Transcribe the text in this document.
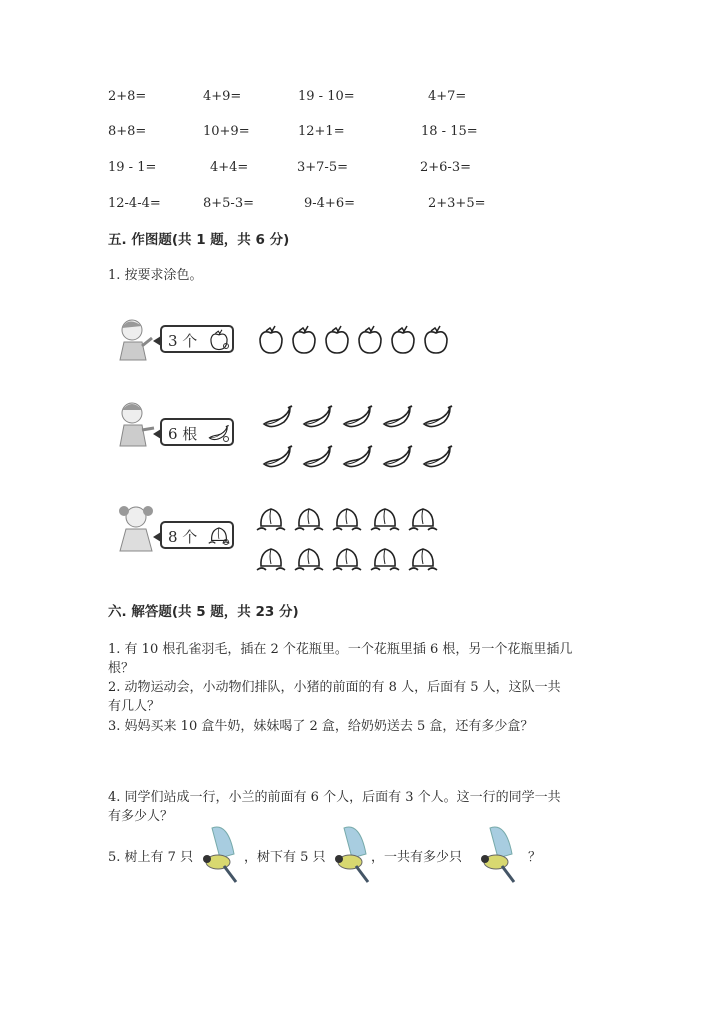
2+8=	4+9=	19 - 10=	4+7=
8+8=	10+9=	12+1=	18 - 15=
19 - 1=	4+4=	3+7-5=	2+6-3=
12-4-4=	8+5-3=	9-4+6=	2+3+5=
五. 作图题(共 1 题，共 6 分)
1. 按要求涂色。
3 个
6 根
8 个
六. 解答题(共 5 题，共 23 分)
1. 有 10 根孔雀羽毛，插在 2 个花瓶里。一个花瓶里插 6 根，另一个花瓶里插几
根？
2. 动物运动会，小动物们排队，小猪的前面的有 8 人，后面有 5 人，这队一共
有几人？
3. 妈妈买来 10 盒牛奶，妹妹喝了 2 盒，给奶奶送去 5 盒，还有多少盒？
4. 同学们站成一行，小兰的前面有 6 个人，后面有 3 个人。这一行的同学一共
有多少人？
5. 树上有 7 只	，树下有 5 只	，一共有多少只	？
